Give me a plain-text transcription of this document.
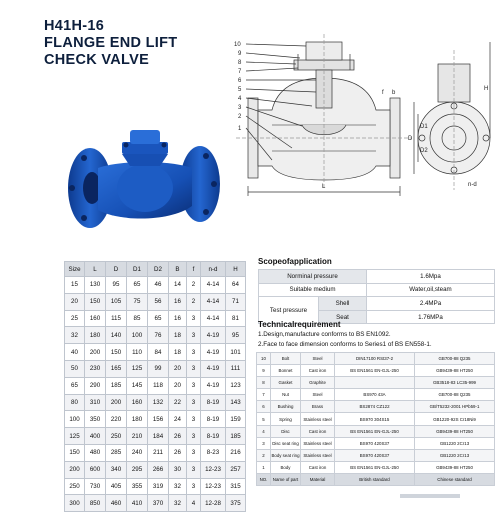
H41H-16
FLANGE END LIFT
CHECK VALVE
10
9
8
7
6
5
4
3
2
1
L
H
D
D1
D2
b
f
n-d
Size	L	D	D1	D2	B	f	n-d	H
15	130	95	65	46	14	2	4-14	64
20	150	105	75	56	16	2	4-14	71
25	160	115	85	65	16	3	4-14	81
32	180	140	100	76	18	3	4-19	95
40	200	150	110	84	18	3	4-19	101
50	230	165	125	99	20	3	4-19	111
65	290	185	145	118	20	3	4-19	123
80	310	200	160	132	22	3	8-19	143
100	350	220	180	156	24	3	8-19	159
125	400	250	210	184	26	3	8-19	185
150	480	285	240	211	26	3	8-23	216
200	600	340	295	266	30	3	12-23	257
250	730	405	355	319	32	3	12-23	315
300	850	460	410	370	32	4	12-28	375
Scopeofapplication
Norminal pressure		1.6Mpa
Suitable medium		Water,oil,steam
Test pressure	Shell	2.4MPa
	Seat	1.76MPa
Technicalrequirement
1.Design,manufacture conforms to BS EN1092.
2.Face to face dimension conforms to Series1 of BS EN558-1.
10	Bolt	Steel	DIN17100 RSt37-2	GB700-88 Q235
9	Bonnet	Cast iron	BS EN1561 EN-GJL-250	GB9439-88 HT250
8	Gasket	Graphite		GB3518-83 LC35-999
7	Nut	Steel	BS970 43A	GB700-88 Q235
6	Bushing	Brass	BS2874 CZ122	GB/T5232-2001 HPb59-1
5	Spring	Stainless steel	BS970 304S15	GB1220-92S Cr18Ni9
4	Disc	Cast iron	BS EN1561 EN-GJL-250	GB9439-88 HT250
3	Disc seat ring	Stainless steel	BS970 420S37	GB1220 2Cr13
2	Body seat ring	Stainless steel	BS970 420S37	GB1220 2Cr13
1	Body	Cast iron	BS EN1561 EN-GJL-250	GB9439-88 HT250
NO.	Name of part	Material	British standard	Chinese standard
